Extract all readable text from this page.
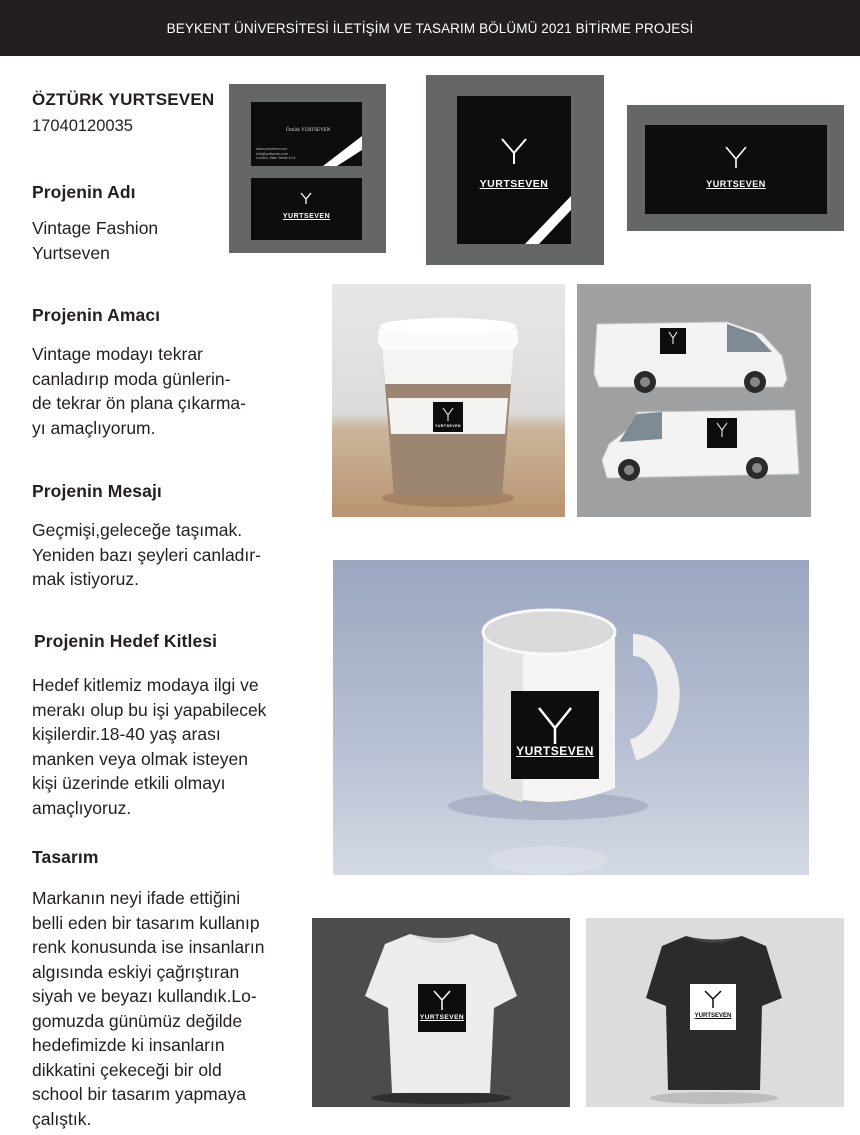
BEYKENT ÜNİVERSİTESİ İLETİŞİM VE TASARIM BÖLÜMÜ 2021 BİTİRME PROJESİ
ÖZTÜRK YURTSEVEN
17040120035
Projenin Adı
Vintage Fashion
Yurtseven
Projenin Amacı
Vintage modayı tekrar
canladırıp moda günlerin-
de tekrar ön plana çıkarma-
yı amaçlıyorum.
Projenin Mesajı
Geçmişi,geleceğe taşımak.
Yeniden bazı şeyleri canladır-
mak istiyoruz.
Projenin Hedef Kitlesi
Hedef kitlemiz modaya ilgi ve
merakı olup bu işi yapabilecek
kişilerdir.18-40 yaş arası
manken veya olmak isteyen
kişi üzerinde etkili olmayı
amaçlıyoruz.
Tasarım
Markanın neyi ifade ettiğini
belli eden bir tasarım kullanıp
renk konusunda ise insanların
algısında eskiyi çağrıştıran
siyah ve beyazı kullandık.Lo-
gomuzda günümüz değilde
hedefimizde ki insanların
dikkatini çekeceği bir old
school bir tasarım yapmaya
çalıştık.
Öztürk YURTSEVEN
www.yurtseven.com
info@yurtseven.com
London, Main Street 42 A
YURTSEVEN
YURTSEVEN	YURTSEVEN
YURTSEVEN
YURTSEVEN
YURTSEVEN	YURTSEVEN
